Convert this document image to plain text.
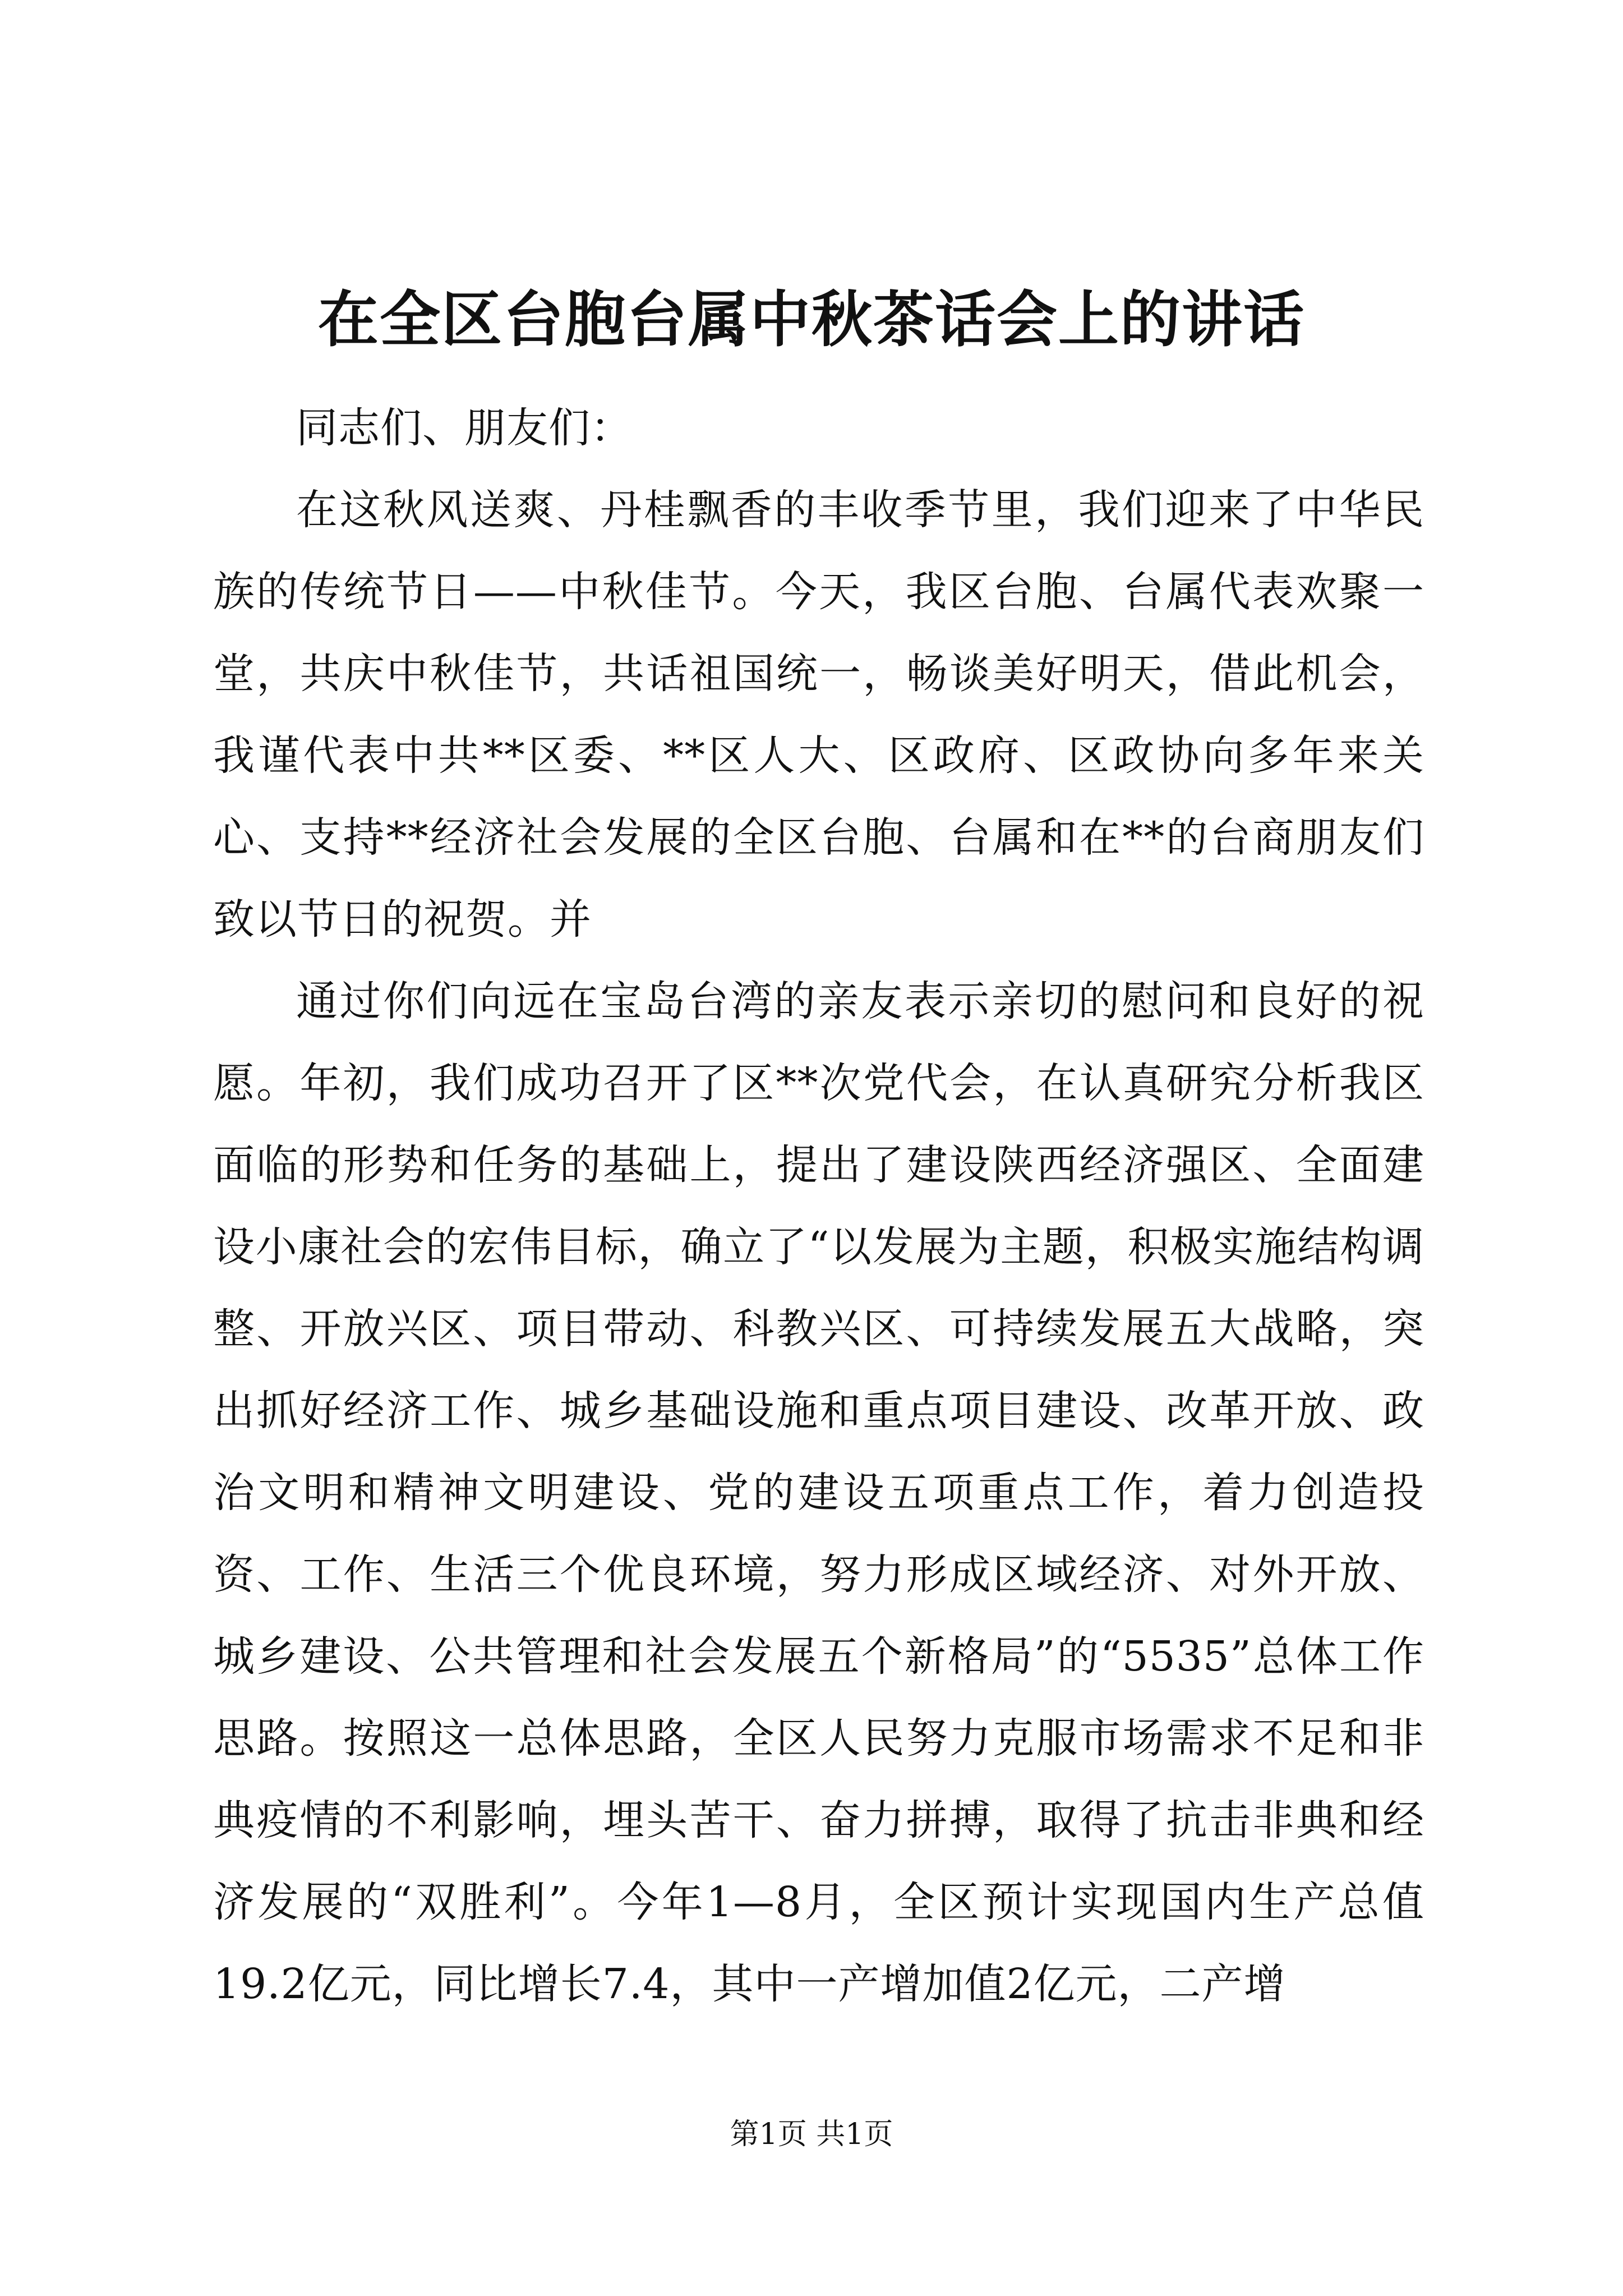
在全区台胞台属中秋茶话会上的讲话

同志们、朋友们：

在这秋风送爽、丹桂飘香的丰收季节里，我们迎来了中华民族的传统节日——中秋佳节。今天，我区台胞、台属代表欢聚一堂，共庆中秋佳节，共话祖国统一，畅谈美好明天，借此机会，我谨代表中共**区委、**区人大、区政府、区政协向多年来关心、支持**经济社会发展的全区台胞、台属和在**的台商朋友们致以节日的祝贺。并

通过你们向远在宝岛台湾的亲友表示亲切的慰问和良好的祝愿。年初，我们成功召开了区**次党代会，在认真研究分析我区面临的形势和任务的基础上，提出了建设陕西经济强区、全面建设小康社会的宏伟目标，确立了“以发展为主题，积极实施结构调整、开放兴区、项目带动、科教兴区、可持续发展五大战略，突出抓好经济工作、城乡基础设施和重点项目建设、改革开放、政治文明和精神文明建设、党的建设五项重点工作，着力创造投资、工作、生活三个优良环境，努力形成区域经济、对外开放、城乡建设、公共管理和社会发展五个新格局”的“5535”总体工作思路。按照这一总体思路，全区人民努力克服市场需求不足和非典疫情的不利影响，埋头苦干、奋力拼搏，取得了抗击非典和经济发展的“双胜利”。今年1—8月，全区预计实现国内生产总值19.2亿元，同比增长7.4，其中一产增加值2亿元，二产增

第1页 共1页
